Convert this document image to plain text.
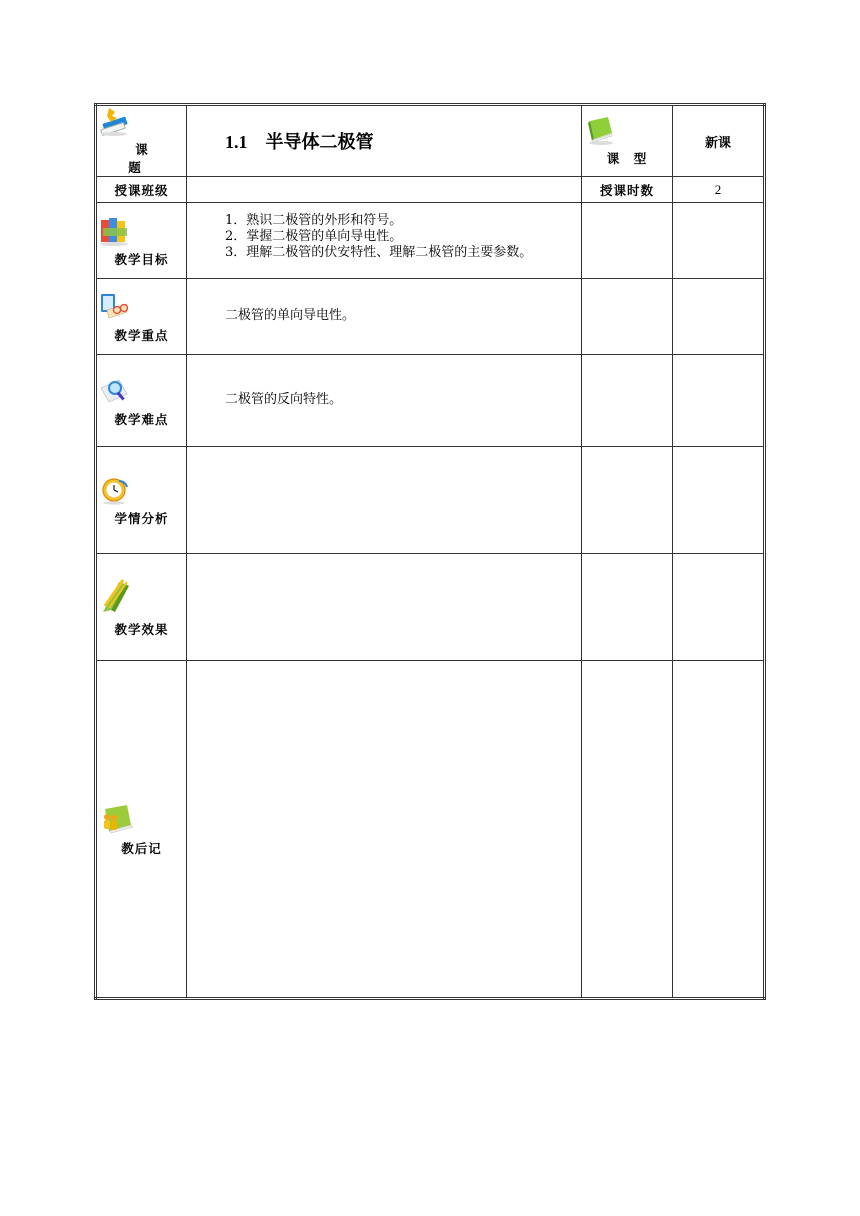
课　　题	1.1 半导体二极管	课　型	新课
授课班级		授课时数	2

教学目标	1．熟识二极管的外形和符号。
2．掌握二极管的单向导电性。
3．理解二极管的伏安特性、理解二极管的主要参数。		

教学重点	二极管的单向导电性。		

教学难点	二极管的反向特性。		

学情分析			

教学效果			

教后记			
